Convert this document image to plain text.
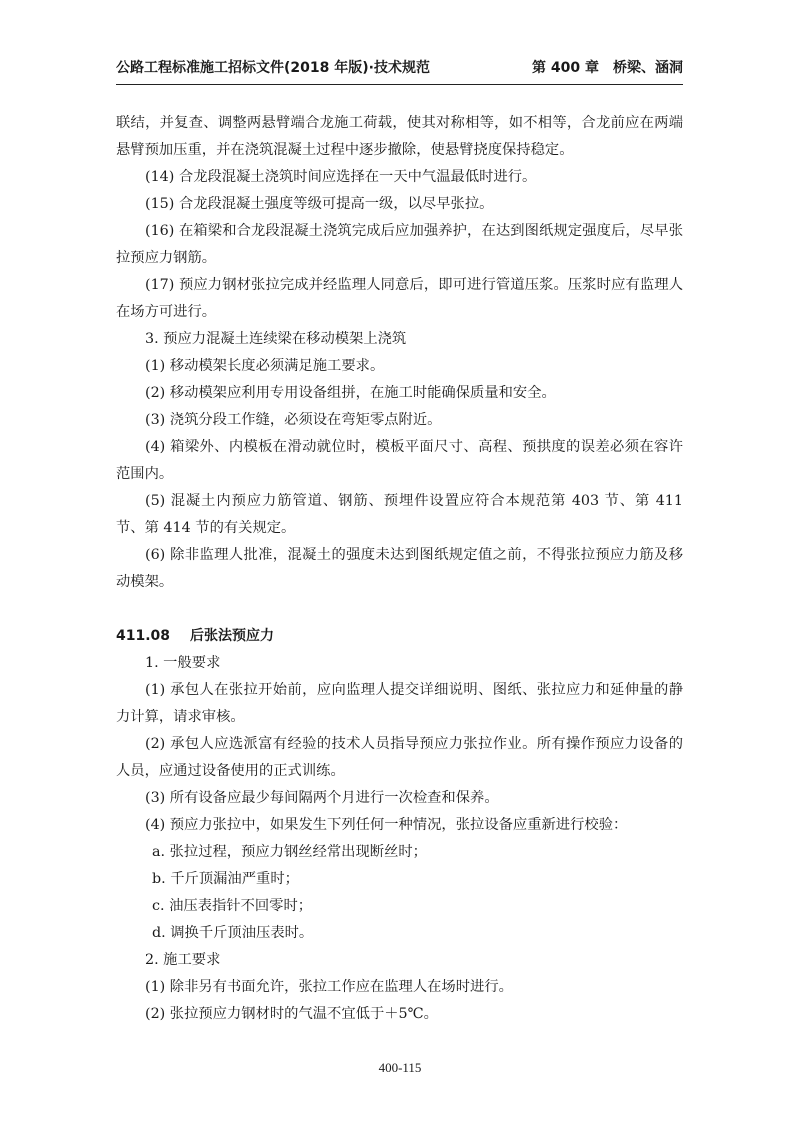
公路工程标准施工招标文件(2018 年版)·技术规范	第 400 章　桥梁、涵洞

联结，并复查、调整两悬臂端合龙施工荷载，使其对称相等，如不相等，合龙前应在两端悬臂预加压重，并在浇筑混凝土过程中逐步撤除，使悬臂挠度保持稳定。

(14) 合龙段混凝土浇筑时间应选择在一天中气温最低时进行。

(15) 合龙段混凝土强度等级可提高一级，以尽早张拉。

(16) 在箱梁和合龙段混凝土浇筑完成后应加强养护，在达到图纸规定强度后，尽早张拉预应力钢筋。

(17) 预应力钢材张拉完成并经监理人同意后，即可进行管道压浆。压浆时应有监理人在场方可进行。

3. 预应力混凝土连续梁在移动模架上浇筑

(1) 移动模架长度必须满足施工要求。

(2) 移动模架应利用专用设备组拼，在施工时能确保质量和安全。

(3) 浇筑分段工作缝，必须设在弯矩零点附近。

(4) 箱梁外、内模板在滑动就位时，模板平面尺寸、高程、预拱度的误差必须在容许范围内。

(5) 混凝土内预应力筋管道、钢筋、预埋件设置应符合本规范第 403 节、第 411 节、第 414 节的有关规定。

(6) 除非监理人批准，混凝土的强度未达到图纸规定值之前，不得张拉预应力筋及移动模架。

411.08 后张法预应力

1. 一般要求

(1) 承包人在张拉开始前，应向监理人提交详细说明、图纸、张拉应力和延伸量的静力计算，请求审核。

(2) 承包人应选派富有经验的技术人员指导预应力张拉作业。所有操作预应力设备的人员，应通过设备使用的正式训练。

(3) 所有设备应最少每间隔两个月进行一次检查和保养。

(4) 预应力张拉中，如果发生下列任何一种情况，张拉设备应重新进行校验：

a. 张拉过程，预应力钢丝经常出现断丝时；

b. 千斤顶漏油严重时；

c. 油压表指针不回零时；

d. 调换千斤顶油压表时。

2. 施工要求

(1) 除非另有书面允许，张拉工作应在监理人在场时进行。

(2) 张拉预应力钢材时的气温不宜低于＋5℃。

400-115
